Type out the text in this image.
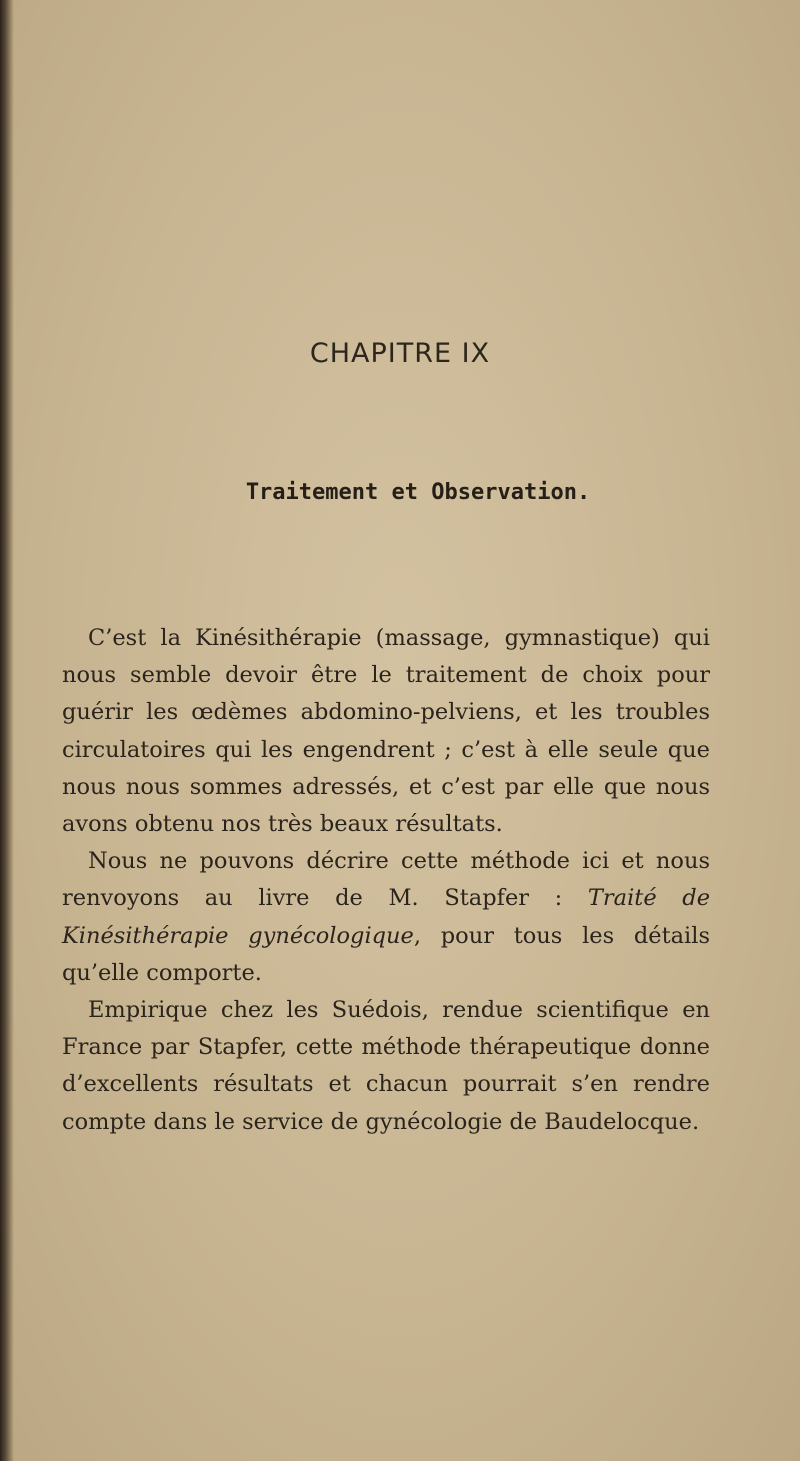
CHAPITRE IX
Traitement et Observation.

C’est la Kinésithérapie (massage, gymnastique) qui nous semble devoir être le traitement de choix pour guérir les œdèmes abdomino-pelviens, et les troubles circulatoires qui les engendrent ; c’est à elle seule que nous nous sommes adressés, et c’est par elle que nous avons obtenu nos très beaux résultats.

Nous ne pouvons décrire cette méthode ici et nous renvoyons au livre de M. Stapfer : Traité de Kinésithérapie gynécologique, pour tous les détails qu’elle comporte.

Empirique chez les Suédois, rendue scientifique en France par Stapfer, cette méthode thérapeutique donne d’excellents résultats et chacun pourrait s’en rendre compte dans le service de gynécologie de Baudelocque.
